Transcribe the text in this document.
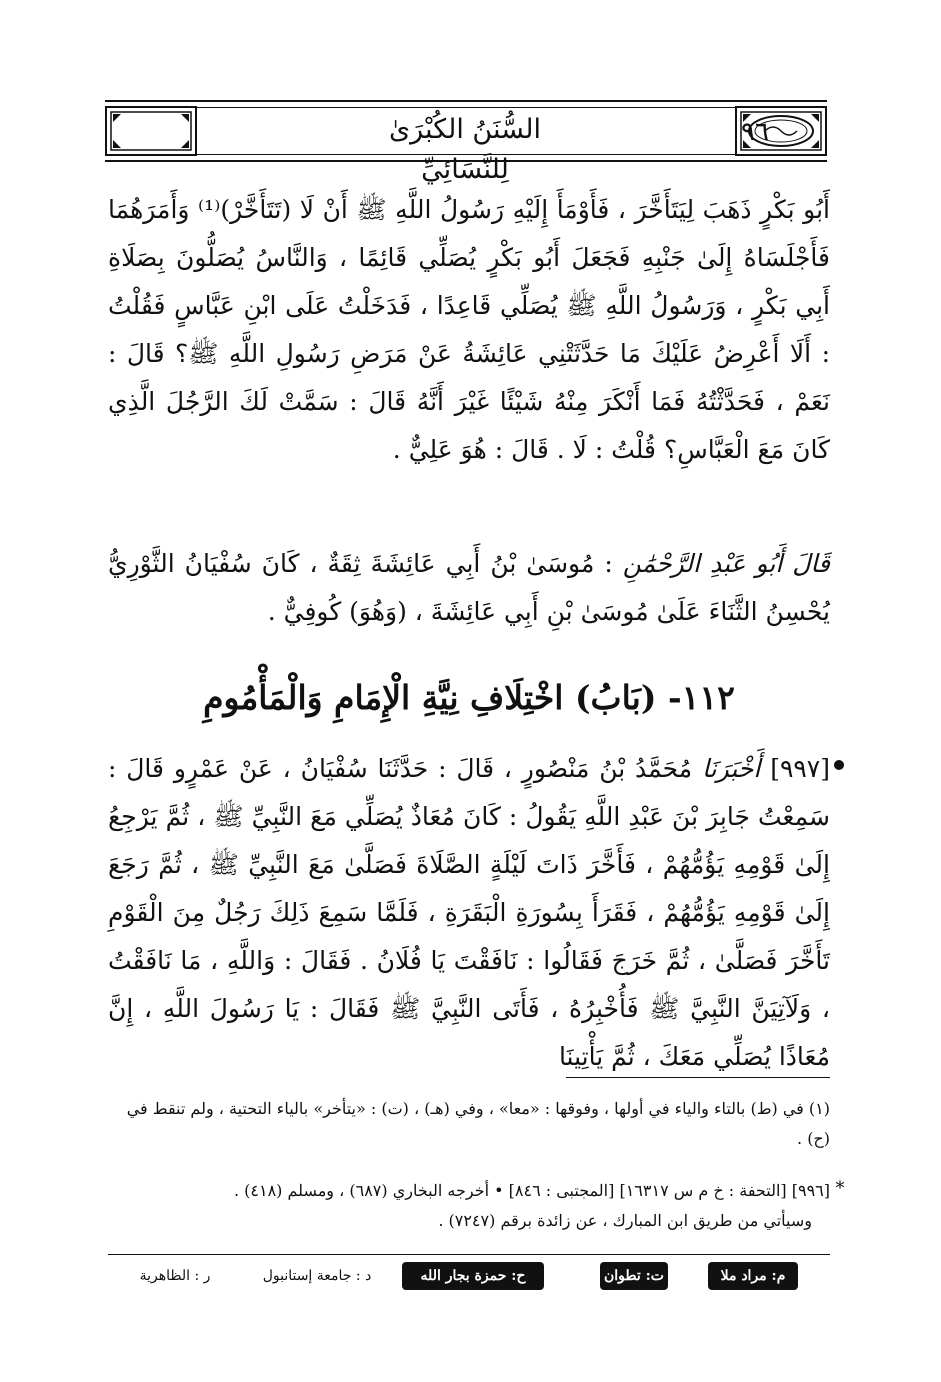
السُّنَنُ الكُبْرَىٰ لِلنَّسَائِيِّ
٩٦
أَبُو بَكْرٍ ذَهَبَ لِيَتَأَخَّرَ ، فَأَوْمَأَ إِلَيْهِ رَسُولُ اللَّهِ ﷺ أَنْ لَا (تَتَأَخَّرْ)⁽¹⁾ وَأَمَرَهُمَا فَأَجْلَسَاهُ إِلَىٰ جَنْبِهِ فَجَعَلَ أَبُو بَكْرٍ يُصَلِّي قَائِمًا ، وَالنَّاسُ يُصَلُّونَ بِصَلَاةِ أَبِي بَكْرٍ ، وَرَسُولُ اللَّهِ ﷺ يُصَلِّي قَاعِدًا ، فَدَخَلْتُ عَلَى ابْنِ عَبَّاسٍ فَقُلْتُ : أَلَا أَعْرِضُ عَلَيْكَ مَا حَدَّثَتْنِي عَائِشَةُ عَنْ مَرَضِ رَسُولِ اللَّهِ ﷺ؟ قَالَ : نَعَمْ ، فَحَدَّثْتُهُ فَمَا أَنْكَرَ مِنْهُ شَيْئًا غَيْرَ أَنَّهُ قَالَ : سَمَّتْ لَكَ الرَّجُلَ الَّذِي كَانَ مَعَ الْعَبَّاسِ؟ قُلْتُ : لَا . قَالَ : هُوَ عَلِيٌّ .
قَالَ أَبُو عَبْدِ الرَّحْمَٰنِ : مُوسَىٰ بْنُ أَبِي عَائِشَةَ ثِقَةٌ ، كَانَ سُفْيَانُ الثَّوْرِيُّ يُحْسِنُ الثَّنَاءَ عَلَىٰ مُوسَىٰ بْنِ أَبِي عَائِشَةَ ، (وَهُوَ) كُوفِيٌّ .
١١٢- (بَابُ) اخْتِلَافِ نِيَّةِ الْإِمَامِ وَالْمَأْمُومِ
[٩٩٧] أَخْبَرَنَا مُحَمَّدُ بْنُ مَنْصُورٍ ، قَالَ : حَدَّثَنَا سُفْيَانُ ، عَنْ عَمْرٍو قَالَ : سَمِعْتُ جَابِرَ بْنَ عَبْدِ اللَّهِ يَقُولُ : كَانَ مُعَاذٌ يُصَلِّي مَعَ النَّبِيِّ ﷺ ، ثُمَّ يَرْجِعُ إِلَىٰ قَوْمِهِ يَؤُمُّهُمْ ، فَأَخَّرَ ذَاتَ لَيْلَةٍ الصَّلَاةَ فَصَلَّىٰ مَعَ النَّبِيِّ ﷺ ، ثُمَّ رَجَعَ إِلَىٰ قَوْمِهِ يَؤُمُّهُمْ ، فَقَرَأَ بِسُورَةِ الْبَقَرَةِ ، فَلَمَّا سَمِعَ ذَلِكَ رَجُلٌ مِنَ الْقَوْمِ تَأَخَّرَ فَصَلَّىٰ ، ثُمَّ خَرَجَ فَقَالُوا : نَافَقْتَ يَا فُلَانُ . فَقَالَ : وَاللَّهِ ، مَا نَافَقْتُ ، وَلَآتِيَنَّ النَّبِيَّ ﷺ فَأُخْبِرُهُ ، فَأَتَى النَّبِيَّ ﷺ فَقَالَ : يَا رَسُولَ اللَّهِ ، إِنَّ مُعَاذًا يُصَلِّي مَعَكَ ، ثُمَّ يَأْتِينَا
(١) في (ط) بالتاء والياء في أولها ، وفوقها : «معا» ، وفي (هـ) ، (ت) : «يتأخر» بالياء التحتية ، ولم تنقط في (ح) .
*
[٩٩٦] [التحفة : خ م س ١٦٣١٧] [المجتبى : ٨٤٦] • أخرجه البخاري (٦٨٧) ، ومسلم (٤١٨) .
وسيأتي من طريق ابن المبارك ، عن زائدة برقم (٧٢٤٧) .
م: مراد ملا
ت: تطوان
ح: حمزة بجار الله
د : جامعة إستانبول
ر : الظاهرية
